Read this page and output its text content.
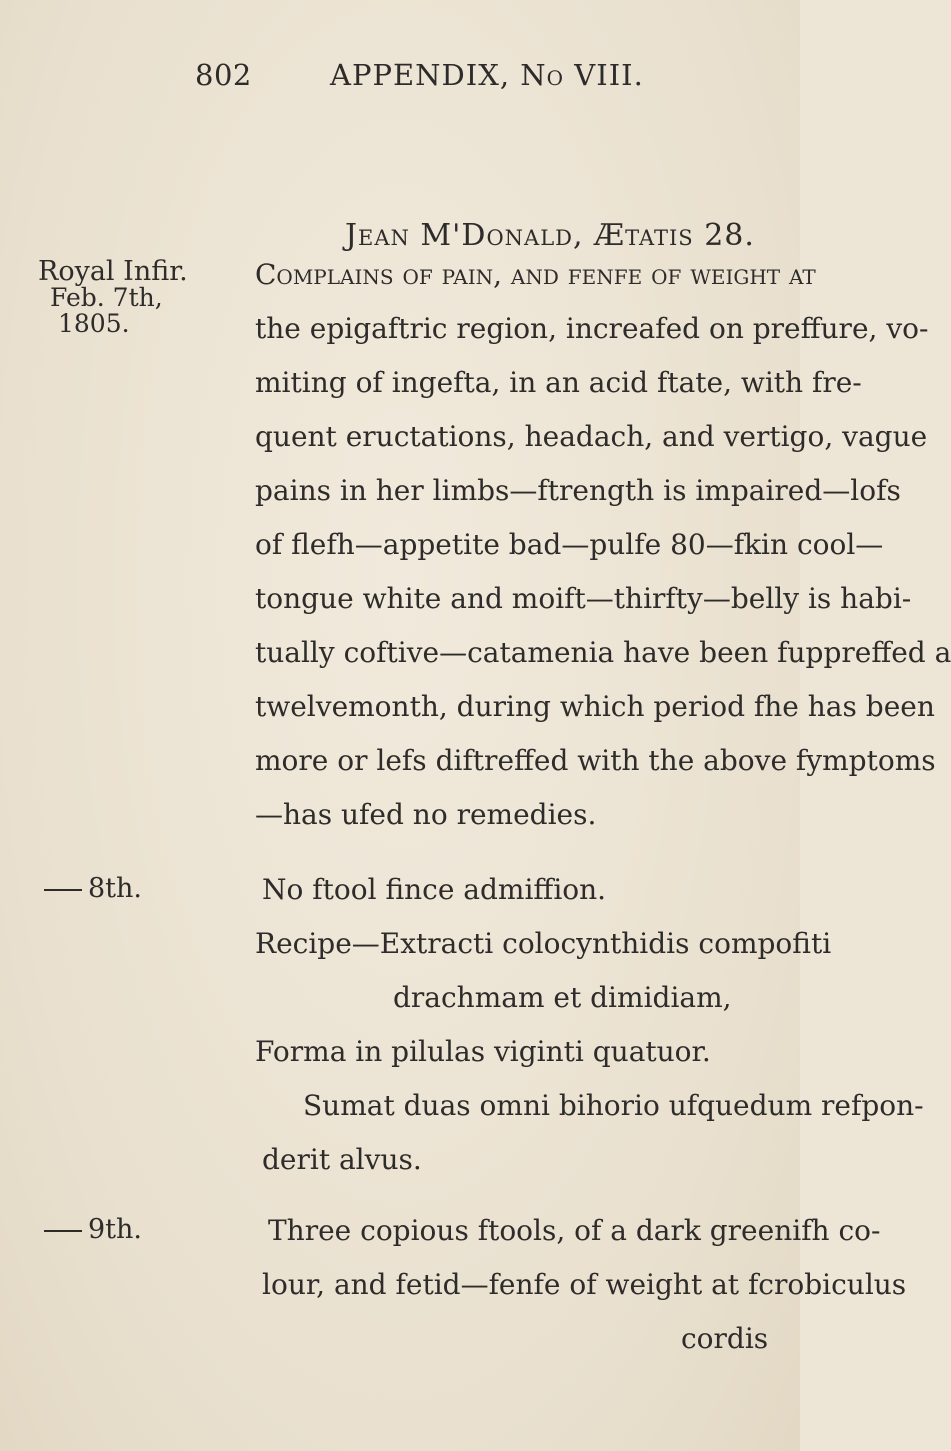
802	APPENDIX, No VIII.
Jean M'Donald, Ætatis 28.
Royal Infir.
Feb. 7th,
1805.
Complains of pain, and fenfe of weight at
the epigaftric region, increafed on preffure, vo-
miting of ingefta, in an acid ftate, with fre-
quent eructations, headach, and vertigo, vague
pains in her limbs—ftrength is impaired—lofs
of flefh—appetite bad—pulfe 80—fkin cool—
tongue white and moift—thirfty—belly is habi-
tually coftive—catamenia have been fuppreffed a
twelvemonth, during which period fhe has been
more or lefs diftreffed with the above fymptoms
—has ufed no remedies.
8th.	No ftool fince admiffion.
Recipe—Extracti colocynthidis compofiti
drachmam et dimidiam,
Forma in pilulas viginti quatuor.
Sumat duas omni bihorio ufquedum refpon-
derit alvus.
9th.	Three copious ftools, of a dark greenifh co-
lour, and fetid—fenfe of weight at fcrobiculus
cordis
